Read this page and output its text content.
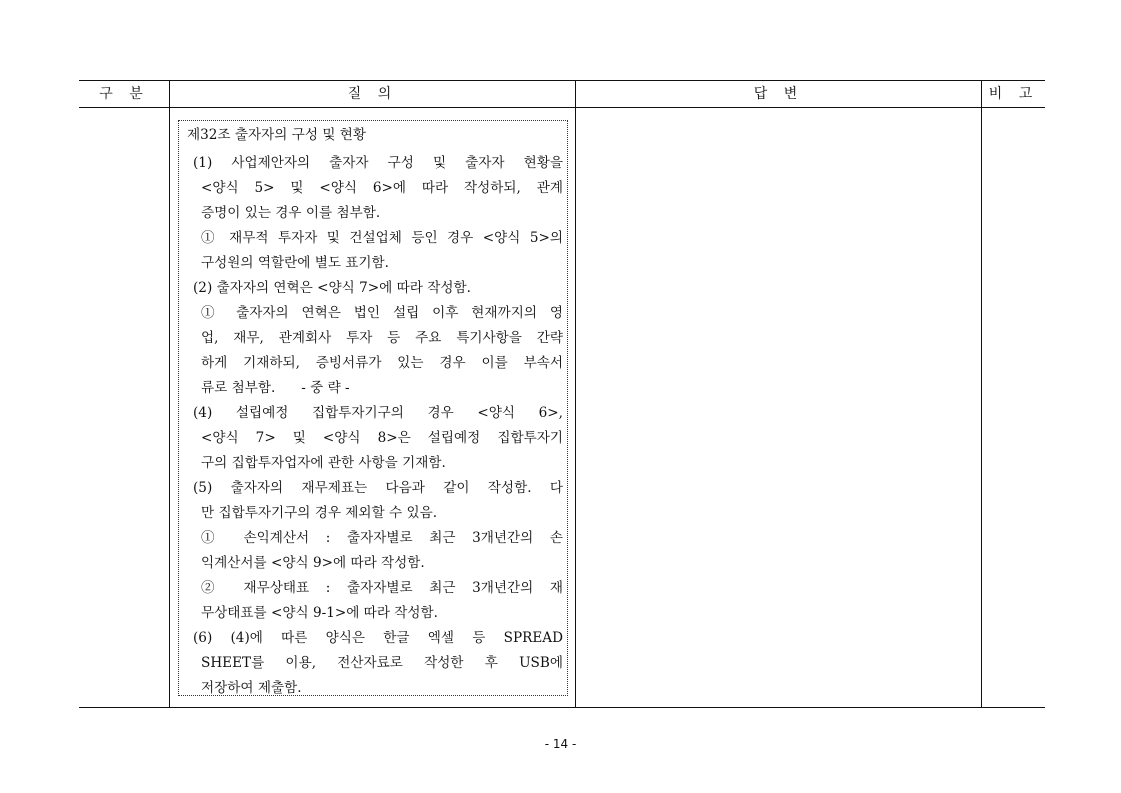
구 분	질 의	답 변	비 고
제32조 출자자의 구성 및 현황
(1) 사업제안자의 출자자 구성 및 출자자 현황을
<양식 5> 및 <양식 6>에 따라 작성하되, 관계
증명이 있는 경우 이를 첨부함.
① 재무적 투자자 및 건설업체 등인 경우 <양식 5>의
구성원의 역할란에 별도 표기함.
(2) 출자자의 연혁은 <양식 7>에 따라 작성함.
① 출자자의 연혁은 법인 설립 이후 현재까지의 영
업, 재무, 관계회사 투자 등 주요 특기사항을 간략
하게 기재하되, 증빙서류가 있는 경우 이를 부속서
류로 첨부함.      - 중 략 -
(4) 설립예정 집합투자기구의 경우 <양식 6>,
<양식 7> 및 <양식 8>은 설립예정 집합투자기
구의 집합투자업자에 관한 사항을 기재함.
(5) 출자자의 재무제표는 다음과 같이 작성함. 다
만 집합투자기구의 경우 제외할 수 있음.
① 손익계산서 : 출자자별로 최근 3개년간의 손
익계산서를 <양식 9>에 따라 작성함.
② 재무상태표 : 출자자별로 최근 3개년간의 재
무상태표를 <양식 9-1>에 따라 작성함.
(6) (4)에 따른 양식은 한글 엑셀 등 SPREAD
SHEET를 이용, 전산자료로 작성한 후 USB에
저장하여 제출함.
- 14 -
